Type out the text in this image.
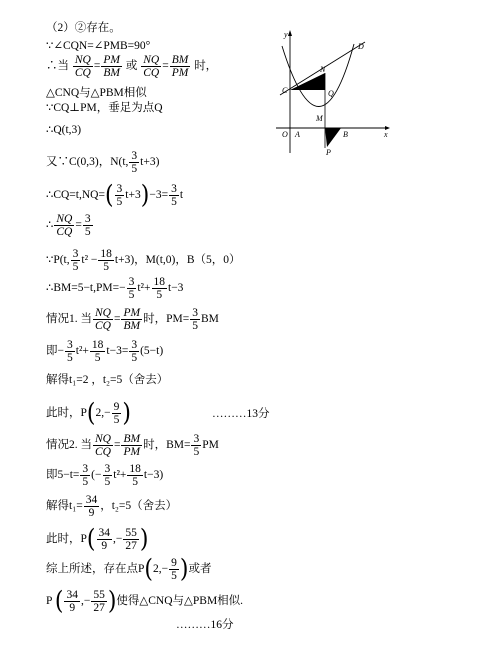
（2）②存在。
∵∠CQN=∠PMB=90°
∴当 $\frac{NQ}{CQ} = \frac{PM}{BM}$ 或 $\frac{NQ}{CQ} = \frac{BM}{PM}$ 时，
△CNQ与△PBM相似
∵CQ⊥PM，垂足为点Q
∴Q(t,3)
又∵C(0,3)，N(t, $\frac{3}{5} t+3$)
∴CQ=t,NQ=( $\frac{3}{5} t+3)-3= \frac{3}{5}$ t
∴ $\frac{NQ}{CQ} = \frac{3}{5}$
∵P(t, $\frac{3}{5} t^2 - \frac{18}{5} t+3$)，M(t,0)，B（5，0）
∴BM=5−t,PM=− $\frac{3}{5} t^2+ \frac{18}{5} t-3$
情况1. 当 $\frac{NQ}{CQ} = \frac{PM}{BM}$ 时，$PM= \frac{3}{5}$ BM
即− $\frac{3}{5} t^2+ \frac{18}{5} t-3= \frac{3}{5} (5-t)$
解得t₁=2 ，t₂=5（舍去）
此时，$P(2,- \frac{9}{5}$ )	………13分
情况2. 当 $\frac{NQ}{CQ} = \frac{BM}{PM}$ 时，$BM= \frac{3}{5}$ PM
即$5-t= \frac{3}{5}$ (− $\frac{3}{5} t^2+ \frac{18}{5} t-3$)
解得$t_1= \frac{34}{9}$ ，t₂=5（舍去）
此时，$P( \frac{34}{9}$ ,− $\frac{55}{27}$ )
综上所述，存在点$P(2,- \frac{9}{5}$ )或者
P ( $\frac{34}{9}$ ,− $\frac{55}{27}$ )使得△CNQ与△PBM相似.
………16分
y
x
O A	B
C
D
N
Q
M
P
